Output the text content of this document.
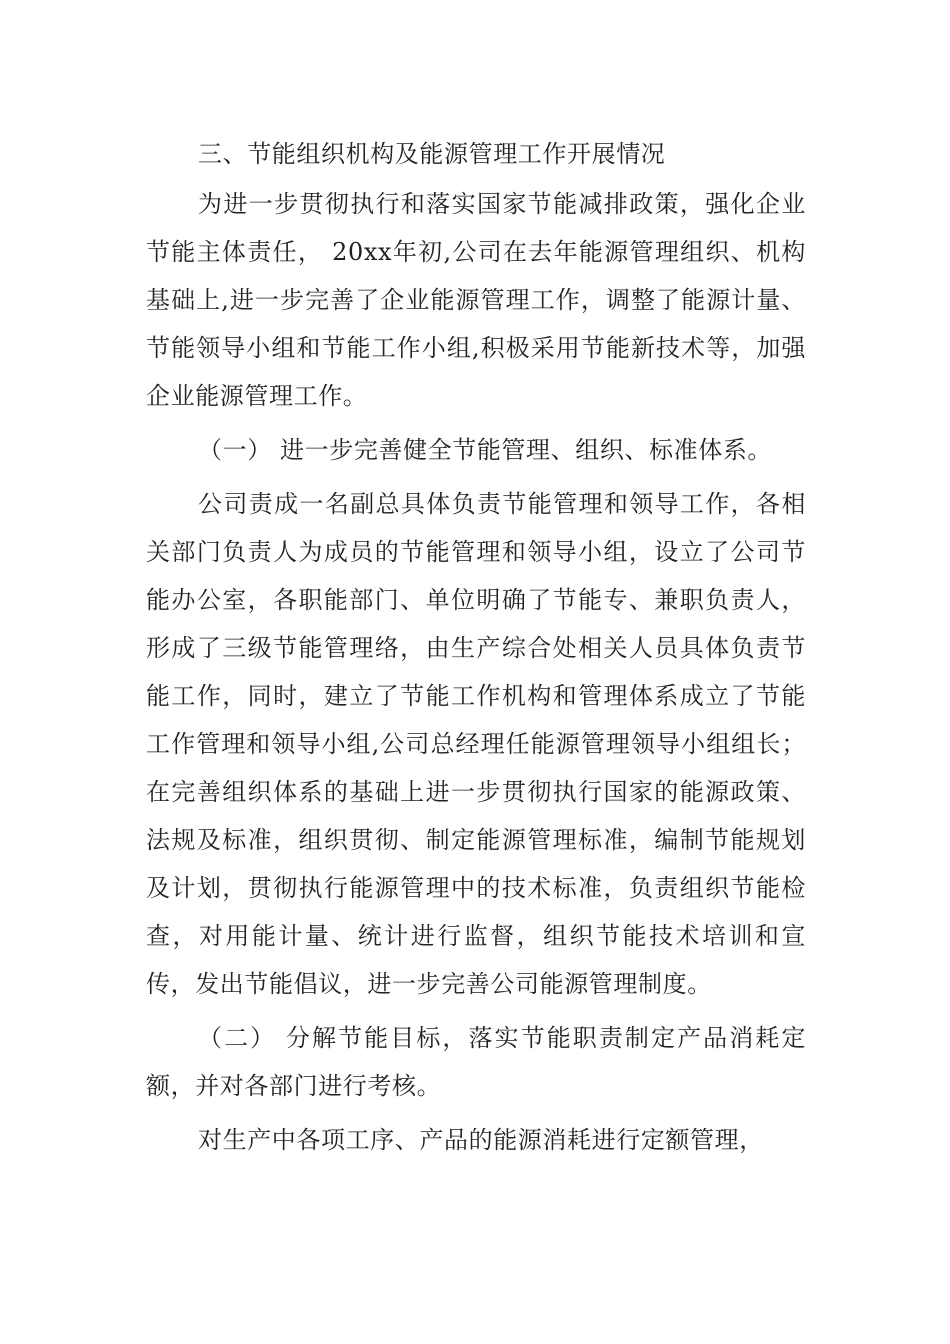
三、节能组织机构及能源管理工作开展情况

为进一步贯彻执行和落实国家节能减排政策，强化企业节能主体责任， 20xx年初,公司在去年能源管理组织、机构基础上,进一步完善了企业能源管理工作，调整了能源计量、节能领导小组和节能工作小组,积极采用节能新技术等，加强企业能源管理工作。

（一） 进一步完善健全节能管理、组织、标准体系。

公司责成一名副总具体负责节能管理和领导工作，各相关部门负责人为成员的节能管理和领导小组，设立了公司节能办公室，各职能部门、单位明确了节能专、兼职负责人，形成了三级节能管理络，由生产综合处相关人员具体负责节能工作，同时，建立了节能工作机构和管理体系成立了节能工作管理和领导小组,公司总经理任能源管理领导小组组长；在完善组织体系的基础上进一步贯彻执行国家的能源政策、法规及标准，组织贯彻、制定能源管理标准，编制节能规划及计划，贯彻执行能源管理中的技术标准，负责组织节能检查，对用能计量、统计进行监督，组织节能技术培训和宣传，发出节能倡议，进一步完善公司能源管理制度。

（二） 分解节能目标，落实节能职责制定产品消耗定额，并对各部门进行考核。

对生产中各项工序、产品的能源消耗进行定额管理，
